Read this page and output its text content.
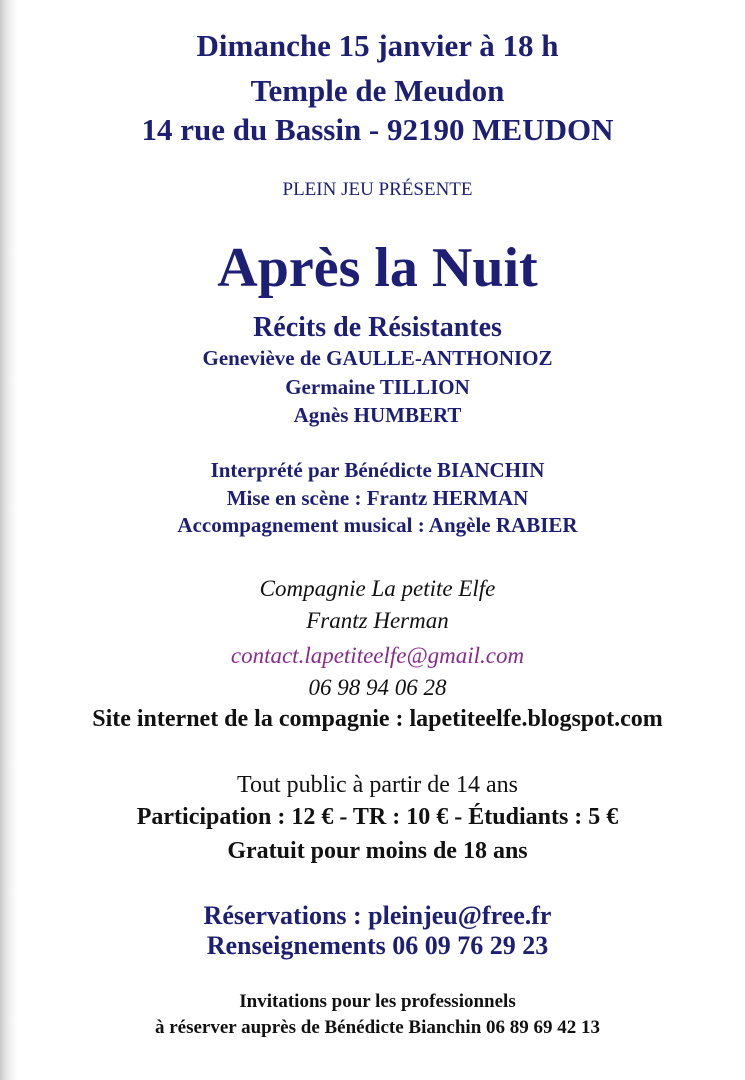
Dimanche 15 janvier à 18 h
Temple de Meudon
14 rue du Bassin - 92190 MEUDON
PLEIN JEU PRÉSENTE
Après la Nuit
Récits de Résistantes
Geneviève de GAULLE-ANTHONIOZ
Germaine TILLION
Agnès HUMBERT
Interprété par Bénédicte BIANCHIN
Mise en scène : Frantz HERMAN
Accompagnement musical : Angèle RABIER
Compagnie La petite Elfe
Frantz Herman
contact.lapetiteelfe@gmail.com
06 98 94 06 28
Site internet de la compagnie : lapetiteelfe.blogspot.com
Tout public à partir de 14 ans
Participation : 12 € - TR : 10 € - Étudiants : 5 €
Gratuit pour moins de 18 ans
Réservations : pleinjeu@free.fr
Renseignements 06 09 76 29 23
Invitations pour les professionnels
à réserver auprès de Bénédicte Bianchin 06 89 69 42 13
